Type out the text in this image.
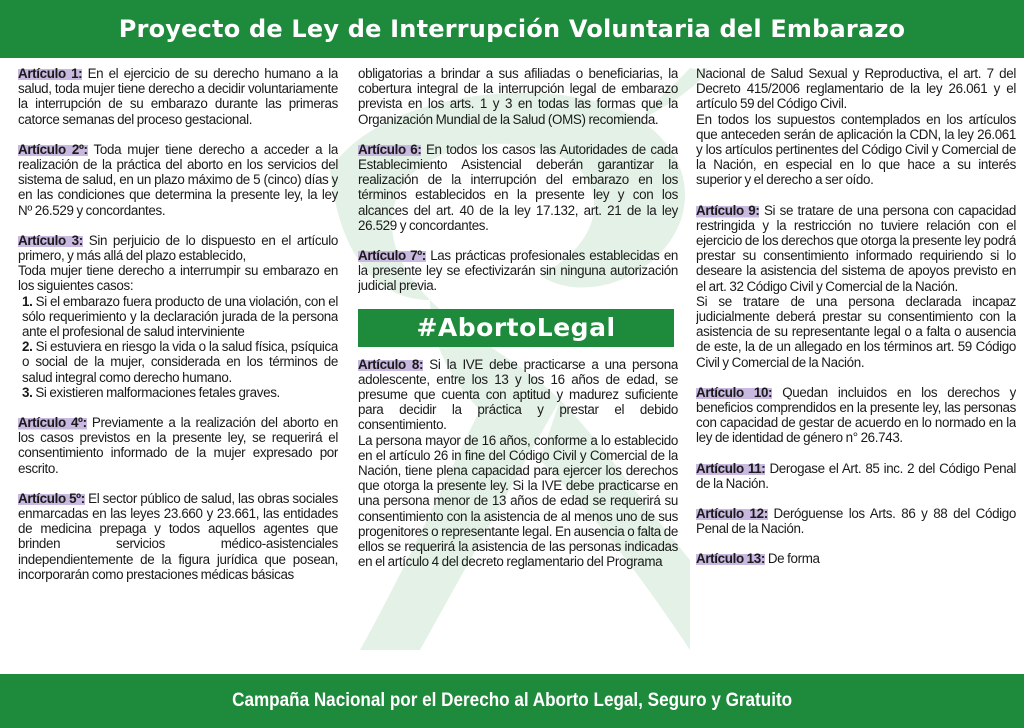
Proyecto de Ley de Interrupción Voluntaria del Embarazo

Artículo 1: En el ejercicio de su derecho humano a la salud, toda mujer tiene derecho a decidir voluntariamente la interrupción de su embarazo durante las primeras catorce semanas del proceso gestacional.

Artículo 2º: Toda mujer tiene derecho a acceder a la realización de la práctica del aborto en los servicios del sistema de salud, en un plazo máximo de 5 (cinco) días y en las condiciones que determina la presente ley, la ley Nº 26.529 y concordantes.

Artículo 3: Sin perjuicio de lo dispuesto en el artículo primero, y más allá del plazo establecido,

Toda mujer tiene derecho a interrumpir su embarazo en los siguientes casos:

1. Si el embarazo fuera producto de una violación, con el sólo requerimiento y la declaración jurada de la persona ante el profesional de salud interviniente

2. Si estuviera en riesgo la vida o la salud física, psíquica o social de la mujer, considerada en los términos de salud integral como derecho humano.

3. Si existieren malformaciones fetales graves.

Artículo 4º: Previamente a la realización del aborto en los casos previstos en la presente ley, se requerirá el consentimiento informado de la mujer expresado por escrito.

Artículo 5º: El sector público de salud, las obras sociales enmarcadas en las leyes 23.660 y 23.661, las entidades de medicina prepaga y todos aquellos agentes que brinden servicios médico-asistenciales independientemente de la figura jurídica que posean, incorporarán como prestaciones médicas básicas

obligatorias a brindar a sus afiliadas o beneficiarias, la cobertura integral de la interrupción legal de embarazo prevista en los arts. 1 y 3 en todas las formas que la Organización Mundial de la Salud (OMS) recomienda.

Artículo 6: En todos los casos las Autoridades de cada Establecimiento Asistencial deberán garantizar la realización de la interrupción del embarazo en los términos establecidos en la presente ley y con los alcances del art. 40 de la ley 17.132, art. 21 de la ley 26.529 y concordantes.

Artículo 7º: Las prácticas profesionales establecidas en la presente ley se efectivizarán sin ninguna autorización judicial previa.

#AbortoLegal

Artículo 8: Si la IVE debe practicarse a una persona adolescente, entre los 13 y los 16 años de edad, se presume que cuenta con aptitud y madurez suficiente para decidir la práctica y prestar el debido consentimiento.

La persona mayor de 16 años, conforme a lo establecido en el artículo 26 in fine del Código Civil y Comercial de la Nación, tiene plena capacidad para ejercer los derechos que otorga la presente ley. Si la IVE debe practicarse en una persona menor de 13 años de edad se requerirá su consentimiento con la asistencia de al menos uno de sus progenitores o representante legal. En ausencia o falta de ellos se requerirá la asistencia de las personas indicadas en el artículo 4 del decreto reglamentario del Programa

Nacional de Salud Sexual y Reproductiva, el art. 7 del Decreto 415/2006 reglamentario de la ley 26.061 y el artículo 59 del Código Civil.

En todos los supuestos contemplados en los artículos que anteceden serán de aplicación la CDN, la ley 26.061 y los artículos pertinentes del Código Civil y Comercial de la Nación, en especial en lo que hace a su interés superior y el derecho a ser oído.

Artículo 9: Si se tratare de una persona con capacidad restringida y la restricción no tuviere relación con el ejercicio de los derechos que otorga la presente ley podrá prestar su consentimiento informado requiriendo si lo deseare la asistencia del sistema de apoyos previsto en el art. 32 Código Civil y Comercial de la Nación.

Si se tratare de una persona declarada incapaz judicialmente deberá prestar su consentimiento con la asistencia de su representante legal o a falta o ausencia de este, la de un allegado en los términos art. 59 Código Civil y Comercial de la Nación.

Artículo 10: Quedan incluidos en los derechos y beneficios comprendidos en la presente ley, las personas con capacidad de gestar de acuerdo en lo normado en la ley de identidad de género n° 26.743.

Artículo 11: Derogase el Art. 85 inc. 2 del Código Penal de la Nación.

Artículo 12: Deróguense los Arts. 86 y 88 del Código Penal de la Nación.

Artículo 13: De forma

Campaña Nacional por el Derecho al Aborto Legal, Seguro y Gratuito
